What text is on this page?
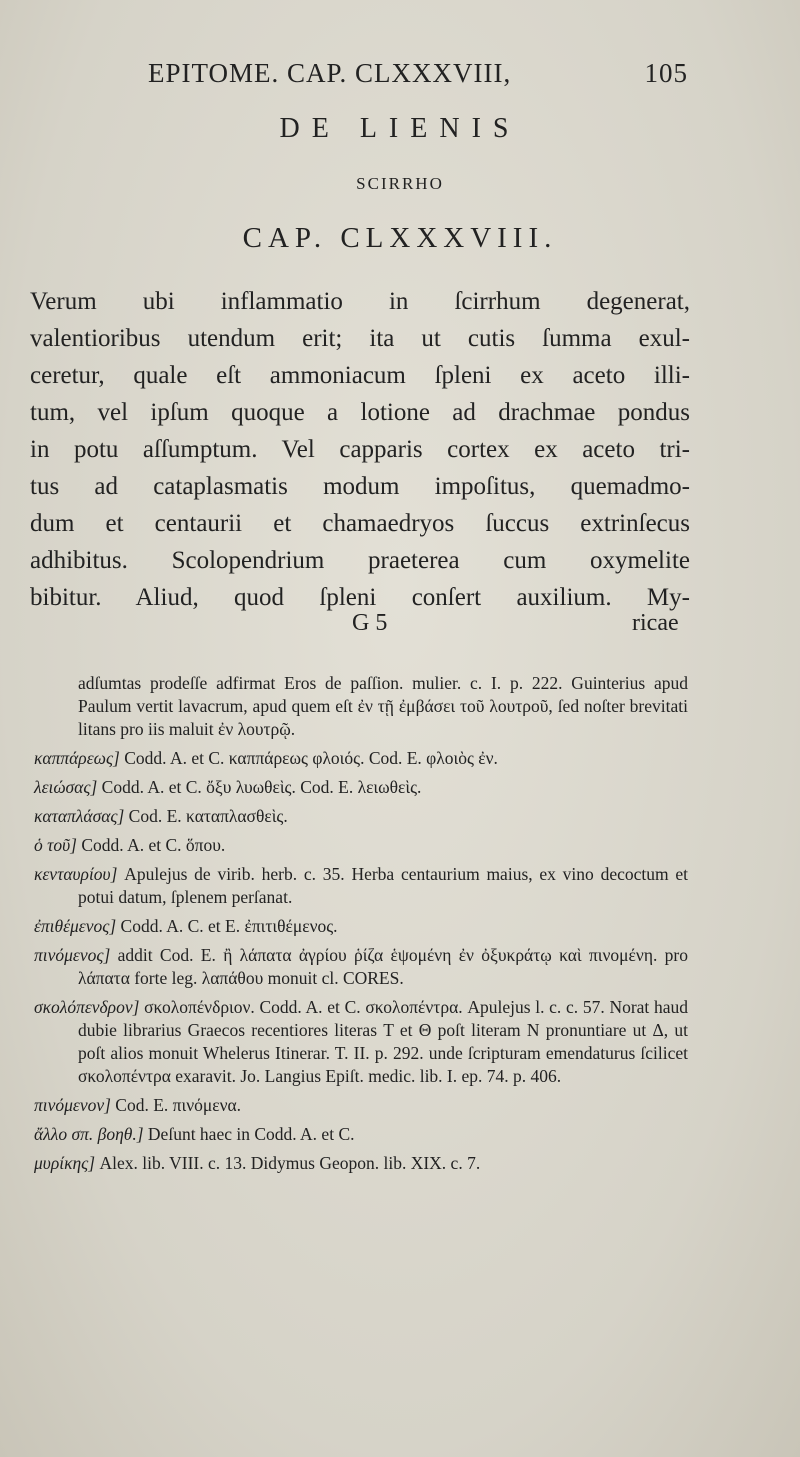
EPITOME. CAP. CLXXXVIII,	105
DE LIENIS
SCIRRHO
CAP. CLXXXVIII.
Verum ubi inflammatio in ſcirrhum degenerat,
valentioribus utendum erit; ita ut cutis ſumma exul-
ceretur, quale eſt ammoniacum ſpleni ex aceto illi-
tum, vel ipſum quoque a lotione ad drachmae pondus
in potu aſſumptum. Vel capparis cortex ex aceto tri-
tus ad cataplasmatis modum impoſitus, quemadmo-
dum et centaurii et chamaedryos ſuccus extrinſecus
adhibitus. Scolopendrium praeterea cum oxymelite
bibitur. Aliud, quod ſpleni conſert auxilium. My-
G 5	ricae

adſumtas prodeſſe adfirmat Eros de paſſion. mulier. c. I. p. 222. Guinterius apud Paulum vertit lavacrum, apud quem eſt ἐν τῇ ἐμβάσει τοῦ λουτροῦ, ſed noſter brevitati litans pro iis maluit ἐν λουτρῷ.

καππάρεως] Codd. A. et C. καππάρεως φλοιός. Cod. E. φλοιὸς ἐν.

λειώσας] Codd. A. et C. ὄξυ λυωθεὶς. Cod. E. λειωθεὶς.

καταπλάσας] Cod. E. καταπλασθεὶς.

ὁ τοῦ] Codd. A. et C. ὅπου.

κενταυρίου] Apulejus de virib. herb. c. 35. Herba centaurium maius, ex vino decoctum et potui datum, ſplenem perſanat.

ἐπιθέμενος] Codd. A. C. et E. ἐπιτιθέμενος.

πινόμενος] addit Cod. E. ἢ λάπατα ἀγρίου ῥίζα ἑψομένη ἐν ὀξυκράτῳ καὶ πινομένη. pro λάπατα forte leg. λαπάθου monuit cl. CORES.

σκολόπενδρον] σκολοπένδριον. Codd. A. et C. σκολοπέντρα. Apulejus l. c. c. 57. Norat haud dubie librarius Graecos recentiores literas Τ et Θ poſt literam Ν pronuntiare ut Δ, ut poſt alios monuit Whelerus Itinerar. T. II. p. 292. unde ſcripturam emendaturus ſcilicet σκολοπέντρα exaravit. Jo. Langius Epiſt. medic. lib. I. ep. 74. p. 406.

πινόμενον] Cod. E. πινόμενα.

ἄλλο σπ. βοηθ.] Deſunt haec in Codd. A. et C.

μυρίκης] Alex. lib. VIII. c. 13. Didymus Geopon. lib. XIX. c. 7.
